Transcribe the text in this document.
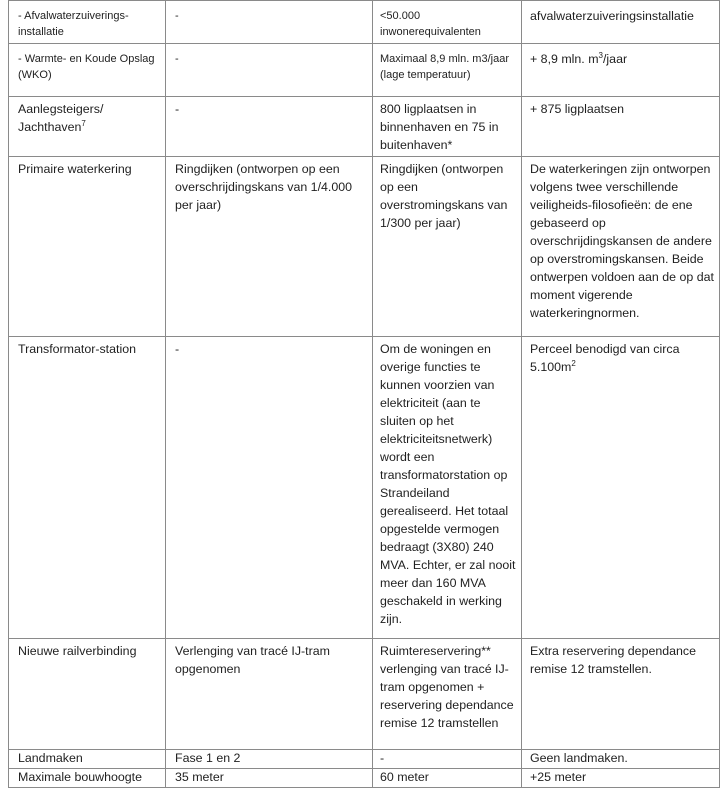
- Afvalwaterzuiverings-installatie	-	<50.000 inwonerequivalenten	afvalwaterzuiveringsinstallatie
- Warmte- en Koude Opslag (WKO)	-	Maximaal 8,9 mln. m3/jaar (lage temperatuur)	+ 8,9 mln. $m^3$/jaar
Aanlegsteigers/ Jachthaven$^7$	-	800 ligplaatsen in binnenhaven en 75 in buitenhaven*	+ 875 ligplaatsen
Primaire waterkering	Ringdijken (ontworpen op een overschrijdingskans van 1/4.000 per jaar)	Ringdijken (ontworpen op een overstromingskans van 1/300 per jaar)	De waterkeringen zijn ontworpen volgens twee verschillende veiligheids-filosofieën: de ene gebaseerd op overschrijdingskansen de andere op overstromingskansen. Beide ontwerpen voldoen aan de op dat moment vigerende waterkeringnormen.
Transformator-station	-	Om de woningen en overige functies te kunnen voorzien van elektriciteit (aan te sluiten op het elektriciteitsnetwerk) wordt een transformatorstation op Strandeiland gerealiseerd. Het totaal opgestelde vermogen bedraagt (3X80) 240 MVA. Echter, er zal nooit meer dan 160 MVA geschakeld in werking zijn.	Perceel benodigd van circa $5.100m^2$
Nieuwe railverbinding	Verlenging van tracé IJ-tram opgenomen	Ruimtereservering** verlenging van tracé IJ-tram opgenomen + reservering dependance remise 12 tramstellen	Extra reservering dependance remise 12 tramstellen.
Landmaken	Fase 1 en 2	-	Geen landmaken.
Maximale bouwhoogte	35 meter	60 meter	+25 meter
